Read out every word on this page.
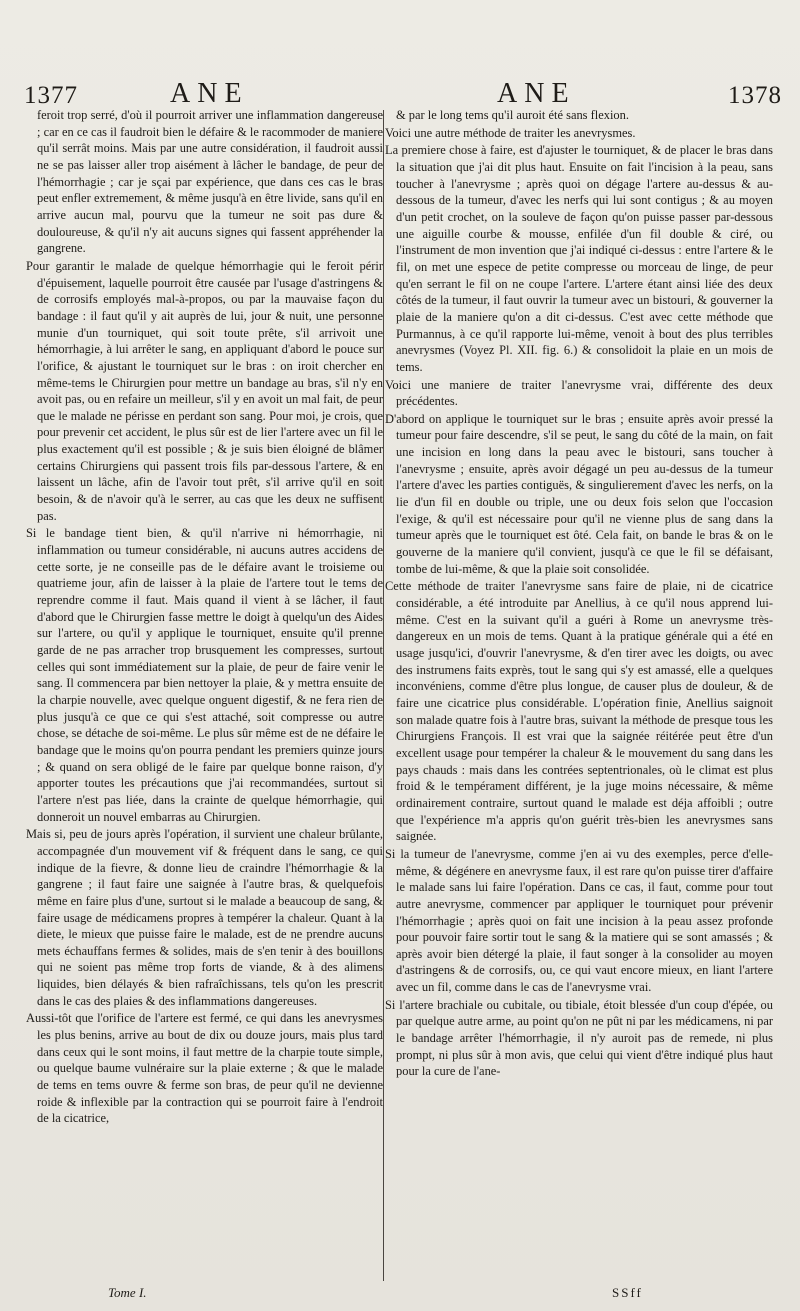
1377	ANE	ANE	1378

feroit trop serré, d'où il pourroit arriver une inflammation dangereuse ; car en ce cas il faudroit bien le défaire & le racommoder de maniere qu'il serrât moins. Mais par une autre considération, il faudroit aussi ne se pas laisser aller trop aisément à lâcher le bandage, de peur de l'hémorrhagie ; car je sçai par expérience, que dans ces cas le bras peut enfler extremement, & même jusqu'à en être livide, sans qu'il en arrive aucun mal, pourvu que la tumeur ne soit pas dure & douloureuse, & qu'il n'y ait aucuns signes qui fassent appréhender la gangrene.

Pour garantir le malade de quelque hémorrhagie qui le feroit périr d'épuisement, laquelle pourroit être causée par l'usage d'astringens & de corrosifs employés mal-à-propos, ou par la mauvaise façon du bandage : il faut qu'il y ait auprès de lui, jour & nuit, une personne munie d'un tourniquet, qui soit toute prête, s'il arrivoit une hémorrhagie, à lui arrêter le sang, en appliquant d'abord le pouce sur l'orifice, & ajustant le tourniquet sur le bras : on iroit chercher en même-tems le Chirurgien pour mettre un bandage au bras, s'il n'y en avoit pas, ou en refaire un meilleur, s'il y en avoit un mal fait, de peur que le malade ne périsse en perdant son sang. Pour moi, je crois, que pour prevenir cet accident, le plus sûr est de lier l'artere avec un fil le plus exactement qu'il est possible ; & je suis bien éloigné de blâmer certains Chirurgiens qui passent trois fils par-dessous l'artere, & en laissent un lâche, afin de l'avoir tout prêt, s'il arrive qu'il en soit besoin, & de n'avoir qu'à le serrer, au cas que les deux ne suffisent pas.

Si le bandage tient bien, & qu'il n'arrive ni hémorrhagie, ni inflammation ou tumeur considérable, ni aucuns autres accidens de cette sorte, je ne conseille pas de le défaire avant le troisieme ou quatrieme jour, afin de laisser à la plaie de l'artere tout le tems de reprendre comme il faut. Mais quand il vient à se lâcher, il faut d'abord que le Chirurgien fasse mettre le doigt à quelqu'un des Aides sur l'artere, ou qu'il y applique le tourniquet, ensuite qu'il prenne garde de ne pas arracher trop brusquement les compresses, surtout celles qui sont immédiatement sur la plaie, de peur de faire venir le sang. Il commencera par bien nettoyer la plaie, & y mettra ensuite de la charpie nouvelle, avec quelque onguent digestif, & ne fera rien de plus jusqu'à ce que ce qui s'est attaché, soit compresse ou autre chose, se détache de soi-même. Le plus sûr même est de ne défaire le bandage que le moins qu'on pourra pendant les premiers quinze jours ; & quand on sera obligé de le faire par quelque bonne raison, d'y apporter toutes les précautions que j'ai recommandées, surtout si l'artere n'est pas liée, dans la crainte de quelque hémorrhagie, qui donneroit un nouvel embarras au Chirurgien.

Mais si, peu de jours après l'opération, il survient une chaleur brûlante, accompagnée d'un mouvement vif & fréquent dans le sang, ce qui indique de la fievre, & donne lieu de craindre l'hémorrhagie & la gangrene ; il faut faire une saignée à l'autre bras, & quelquefois même en faire plus d'une, surtout si le malade a beaucoup de sang, & faire usage de médicamens propres à tempérer la chaleur. Quant à la diete, le mieux que puisse faire le malade, est de ne prendre aucuns mets échauffans fermes & solides, mais de s'en tenir à des bouillons qui ne soient pas même trop forts de viande, & à des alimens liquides, bien délayés & bien rafraîchissans, tels qu'on les prescrit dans le cas des plaies & des inflammations dangereuses.

Aussi-tôt que l'orifice de l'artere est fermé, ce qui dans les anevrysmes les plus benins, arrive au bout de dix ou douze jours, mais plus tard dans ceux qui le sont moins, il faut mettre de la charpie toute simple, ou quelque baume vulnéraire sur la plaie externe ; & que le malade de tems en tems ouvre & ferme son bras, de peur qu'il ne devienne roide & inflexible par la contraction qui se pourroit faire à l'endroit de la cicatrice,

& par le long tems qu'il auroit été sans flexion.

Voici une autre méthode de traiter les anevrysmes.

La premiere chose à faire, est d'ajuster le tourniquet, & de placer le bras dans la situation que j'ai dit plus haut. Ensuite on fait l'incision à la peau, sans toucher à l'anevrysme ; après quoi on dégage l'artere au-dessus & au-dessous de la tumeur, d'avec les nerfs qui lui sont contigus ; & au moyen d'un petit crochet, on la souleve de façon qu'on puisse passer par-dessous une aiguille courbe & mousse, enfilée d'un fil double & ciré, ou l'instrument de mon invention que j'ai indiqué ci-dessus : entre l'artere & le fil, on met une espece de petite compresse ou morceau de linge, de peur qu'en serrant le fil on ne coupe l'artere. L'artere étant ainsi liée des deux côtés de la tumeur, il faut ouvrir la tumeur avec un bistouri, & gouverner la plaie de la maniere qu'on a dit ci-dessus. C'est avec cette méthode que Purmannus, à ce qu'il rapporte lui-même, venoit à bout des plus terribles anevrysmes (Voyez Pl. XII. fig. 6.) & consolidoit la plaie en un mois de tems.

Voici une maniere de traiter l'anevrysme vrai, différente des deux précédentes.

D'abord on applique le tourniquet sur le bras ; ensuite après avoir pressé la tumeur pour faire descendre, s'il se peut, le sang du côté de la main, on fait une incision en long dans la peau avec le bistouri, sans toucher à l'anevrysme ; ensuite, après avoir dégagé un peu au-dessus de la tumeur l'artere d'avec les parties contiguës, & singulierement d'avec les nerfs, on la lie d'un fil en double ou triple, une ou deux fois selon que l'occasion l'exige, & qu'il est nécessaire pour qu'il ne vienne plus de sang dans la tumeur après que le tourniquet est ôté. Cela fait, on bande le bras & on le gouverne de la maniere qu'il convient, jusqu'à ce que le fil se défaisant, tombe de lui-même, & que la plaie soit consolidée.

Cette méthode de traiter l'anevrysme sans faire de plaie, ni de cicatrice considérable, a été introduite par Anellius, à ce qu'il nous apprend lui-même. C'est en la suivant qu'il a guéri à Rome un anevrysme très-dangereux en un mois de tems. Quant à la pratique générale qui a été en usage jusqu'ici, d'ouvrir l'anevrysme, & d'en tirer avec les doigts, ou avec des instrumens faits exprès, tout le sang qui s'y est amassé, elle a quelques inconvéniens, comme d'être plus longue, de causer plus de douleur, & de faire une cicatrice plus considérable. L'opération finie, Anellius saignoit son malade quatre fois à l'autre bras, suivant la méthode de presque tous les Chirurgiens François. Il est vrai que la saignée réitérée peut être d'un excellent usage pour tempérer la chaleur & le mouvement du sang dans les pays chauds : mais dans les contrées septentrionales, où le climat est plus froid & le tempérament différent, je la juge moins nécessaire, & même ordinairement contraire, surtout quand le malade est déja affoibli ; outre que l'expérience m'a appris qu'on guérit très-bien les anevrysmes sans saignée.

Si la tumeur de l'anevrysme, comme j'en ai vu des exemples, perce d'elle-même, & dégénere en anevrysme faux, il est rare qu'on puisse tirer d'affaire le malade sans lui faire l'opération. Dans ce cas, il faut, comme pour tout autre anevrysme, commencer par appliquer le tourniquet pour prévenir l'hémorrhagie ; après quoi on fait une incision à la peau assez profonde pour pouvoir faire sortir tout le sang & la matiere qui se sont amassés ; & après avoir bien détergé la plaie, il faut songer à la consolider au moyen d'astringens & de corrosifs, ou, ce qui vaut encore mieux, en liant l'artere avec un fil, comme dans le cas de l'anevrysme vrai.

Si l'artere brachiale ou cubitale, ou tibiale, étoit blessée d'un coup d'épée, ou par quelque autre arme, au point qu'on ne pût ni par les médicamens, ni par le bandage arrêter l'hémorrhagie, il n'y auroit pas de remede, ni plus prompt, ni plus sûr à mon avis, que celui qui vient d'être indiqué plus haut pour la cure de l'ane-

Tome I.	SSff
